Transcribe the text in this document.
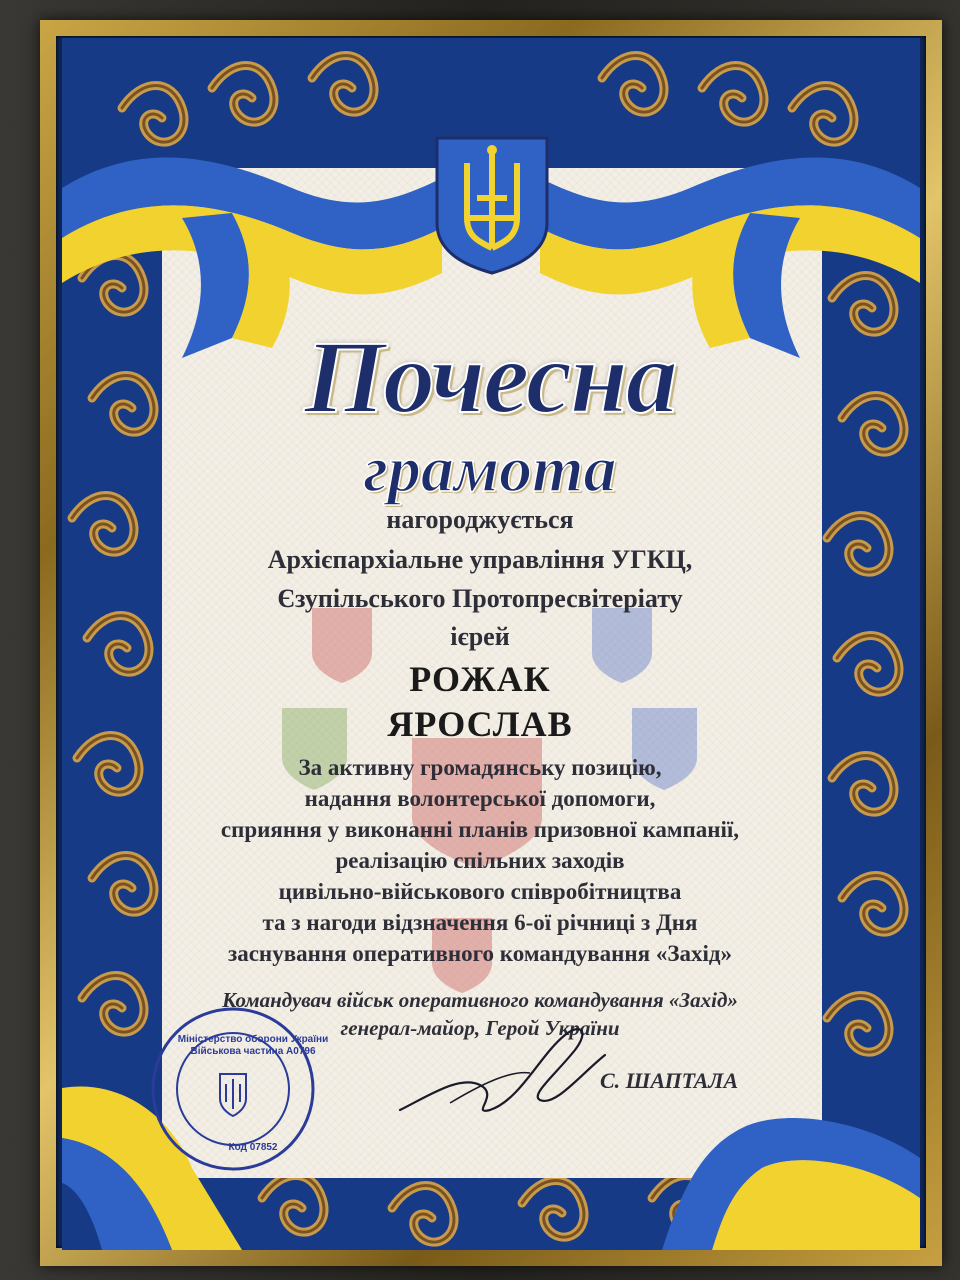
Почесна
грамота
нагороджується
Архієпархіальне управління УГКЦ,
Єзупільського Протопресвітеріату
ієрей
РОЖАК
ЯРОСЛАВ
За активну громадянську позицію,
надання волонтерської допомоги,
сприяння у виконанні планів призовної кампанії,
реалізацію спільних заходів
цивільно-військового співробітництва
та з нагоди відзначення 6-ої річниці з Дня
заснування оперативного командування «Захід»
Командувач військ оперативного командування «Захід»
генерал-майор, Герой України
С. ШАПТАЛА
Міністерство оборони України Військова частина А0796
Код 07852
